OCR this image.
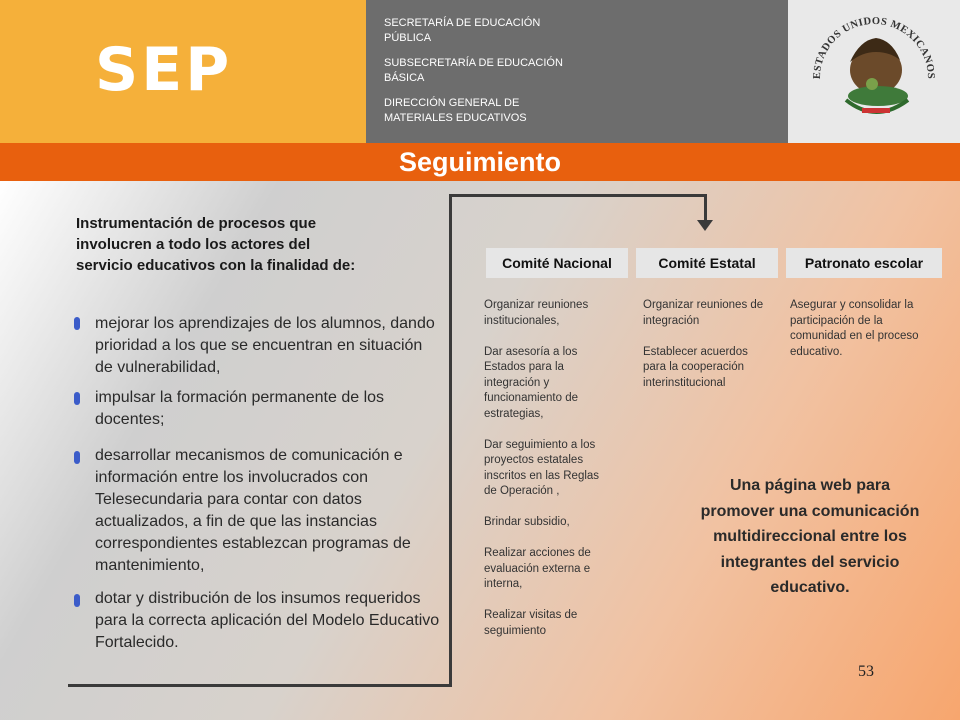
SEP
SECRETARÍA DE EDUCACIÓN PÚBLICA
SUBSECRETARÍA DE EDUCACIÓN BÁSICA
DIRECCIÓN GENERAL DE MATERIALES EDUCATIVOS
ESTADOS UNIDOS MEXICANOS
Seguimiento
Instrumentación de procesos que involucren a todo los actores del servicio educativos con la finalidad de:
mejorar los aprendizajes de los alumnos, dando prioridad a los que se encuentran en situación de vulnerabilidad,
impulsar la formación permanente de los docentes;
desarrollar mecanismos de comunicación e información entre los involucrados con Telesecundaria para contar con datos actualizados, a fin de que las instancias correspondientes establezcan programas de mantenimiento,
dotar y distribución de los insumos requeridos para la correcta aplicación del Modelo Educativo Fortalecido.
Comité Nacional	Comité Estatal	Patronato escolar
Organizar reuniones institucionales,

Dar asesoría a los Estados para la integración y funcionamiento de estrategias,

Dar seguimiento a los proyectos estatales inscritos en las Reglas de Operación ,

Brindar subsidio,

Realizar acciones de evaluación externa e interna,

Realizar visitas de seguimiento
Organizar reuniones de integración

Establecer acuerdos para la cooperación interinstitucional
Asegurar y consolidar la participación de la comunidad en el proceso educativo.
Una página web para promover una comunicación multidireccional entre los integrantes del servicio educativo.
53
